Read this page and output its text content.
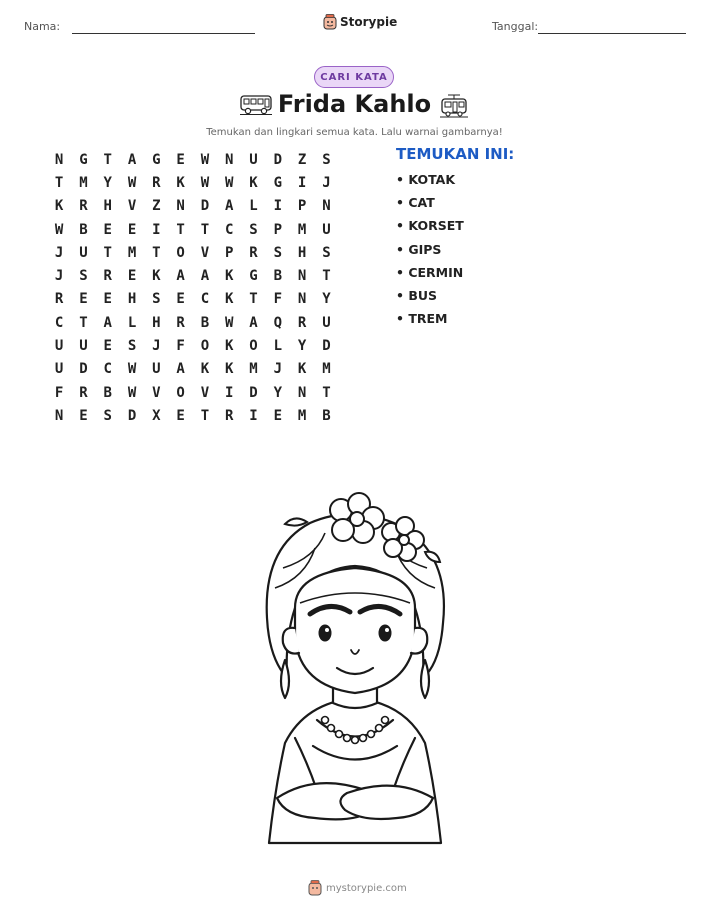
Nama:	Storypie	Tanggal:
CARI KATA
Frida Kahlo
Temukan dan lingkari semua kata. Lalu warnai gambarnya!
N	G	T	A	G	E	W	N	U	D	Z	S
T	M	Y	W	R	K	W	W	K	G	I	J
K	R	H	V	Z	N	D	A	L	I	P	N
W	B	E	E	I	T	T	C	S	P	M	U
J	U	T	M	T	O	V	P	R	S	H	S
J	S	R	E	K	A	A	K	G	B	N	T
R	E	E	H	S	E	C	K	T	F	N	Y
C	T	A	L	H	R	B	W	A	Q	R	U
U	U	E	S	J	F	O	K	O	L	Y	D
U	D	C	W	U	A	K	K	M	J	K	M
F	R	B	W	V	O	V	I	D	Y	N	T
N	E	S	D	X	E	T	R	I	E	M	B
TEMUKAN INI:
• KOTAK
• CAT
• KORSET
• GIPS
• CERMIN
• BUS
• TREM
mystorypie.com
